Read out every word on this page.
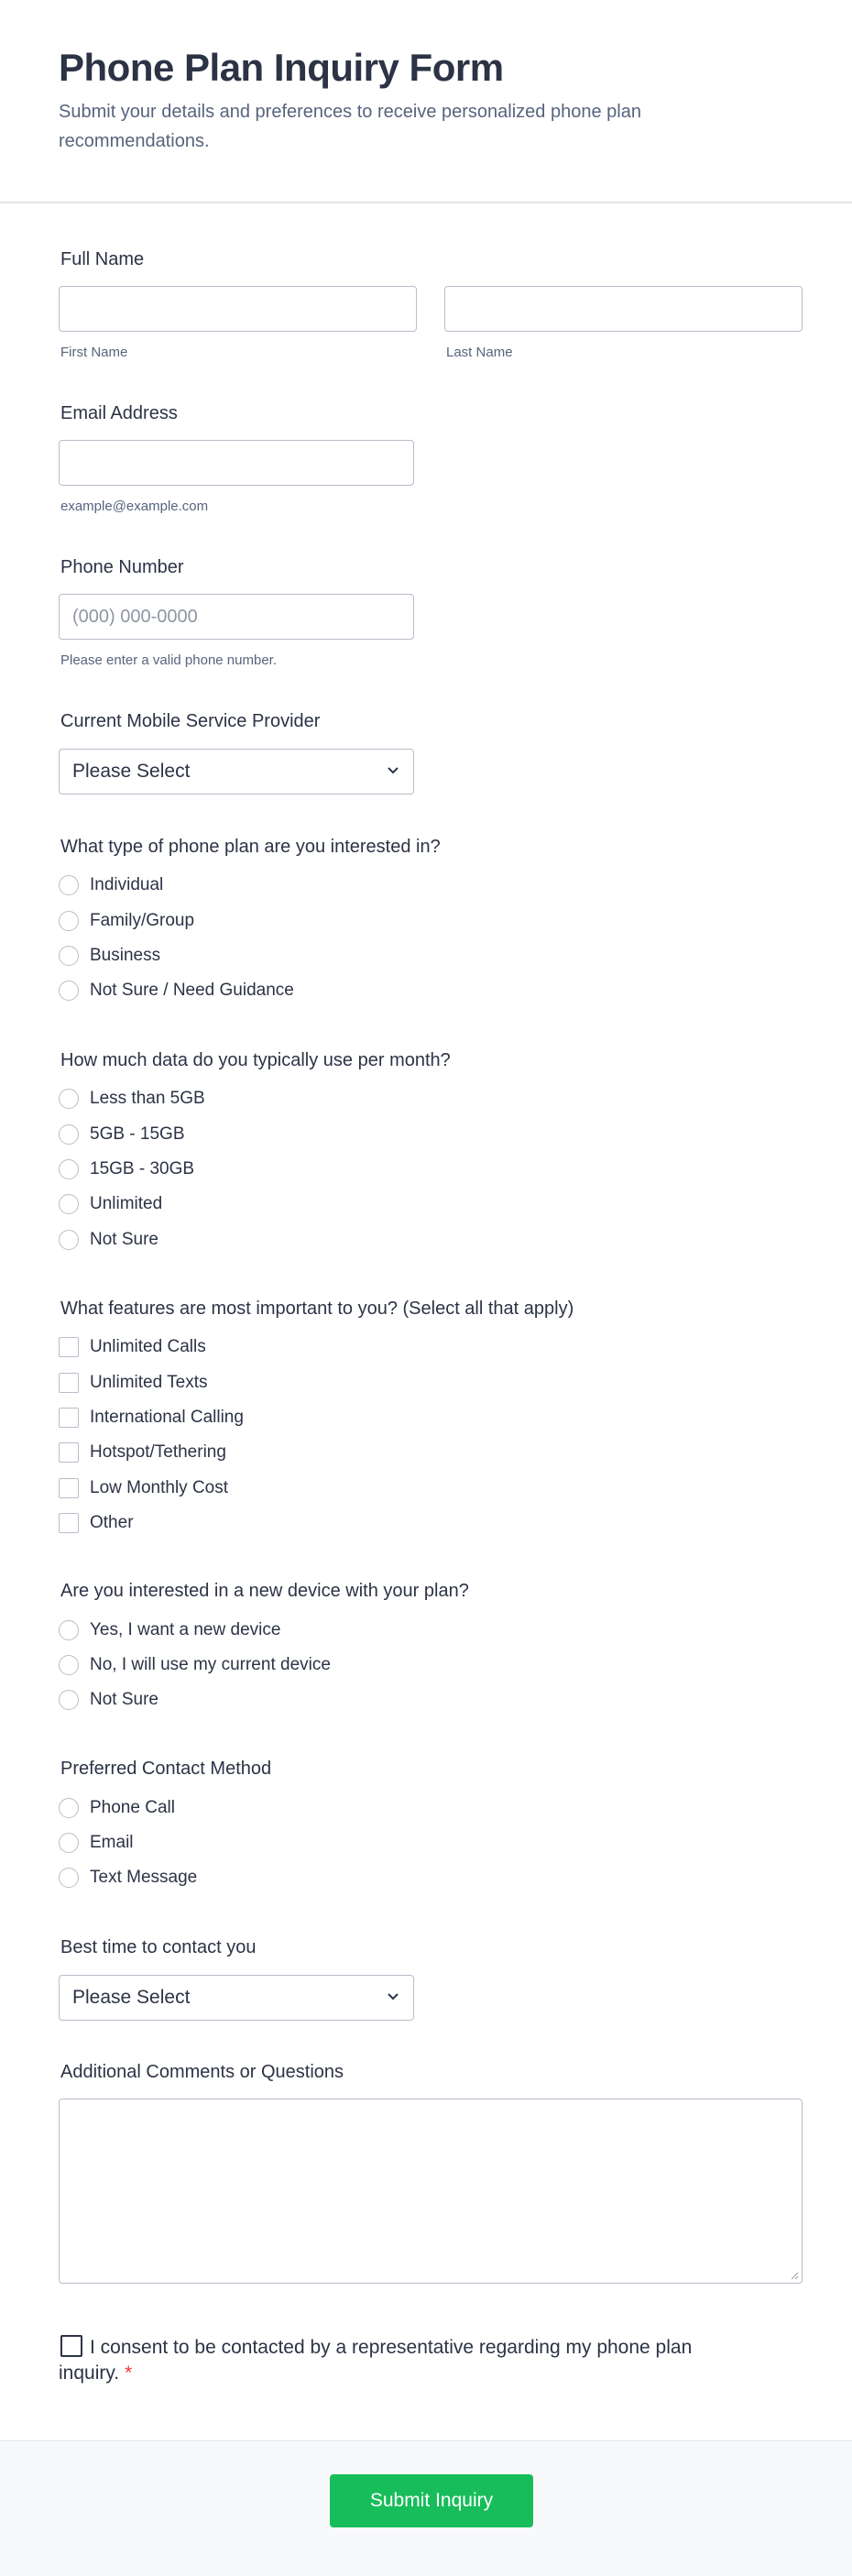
Phone Plan Inquiry Form

Submit your details and preferences to receive personalized phone plan recommendations.

Full Name
First Name	Last Name
Email Address
example@example.com
Phone Number
(000) 000-0000
Please enter a valid phone number.
Current Mobile Service Provider
Please Select
What type of phone plan are you interested in?
Individual
Family/Group
Business
Not Sure / Need Guidance
How much data do you typically use per month?
Less than 5GB
5GB - 15GB
15GB - 30GB
Unlimited
Not Sure
What features are most important to you? (Select all that apply)
Unlimited Calls
Unlimited Texts
International Calling
Hotspot/Tethering
Low Monthly Cost
Other
Are you interested in a new device with your plan?
Yes, I want a new device
No, I will use my current device
Not Sure
Preferred Contact Method
Phone Call
Email
Text Message
Best time to contact you
Please Select
Additional Comments or Questions
I consent to be contacted by a representative regarding my phone plan inquiry. *
Submit Inquiry
